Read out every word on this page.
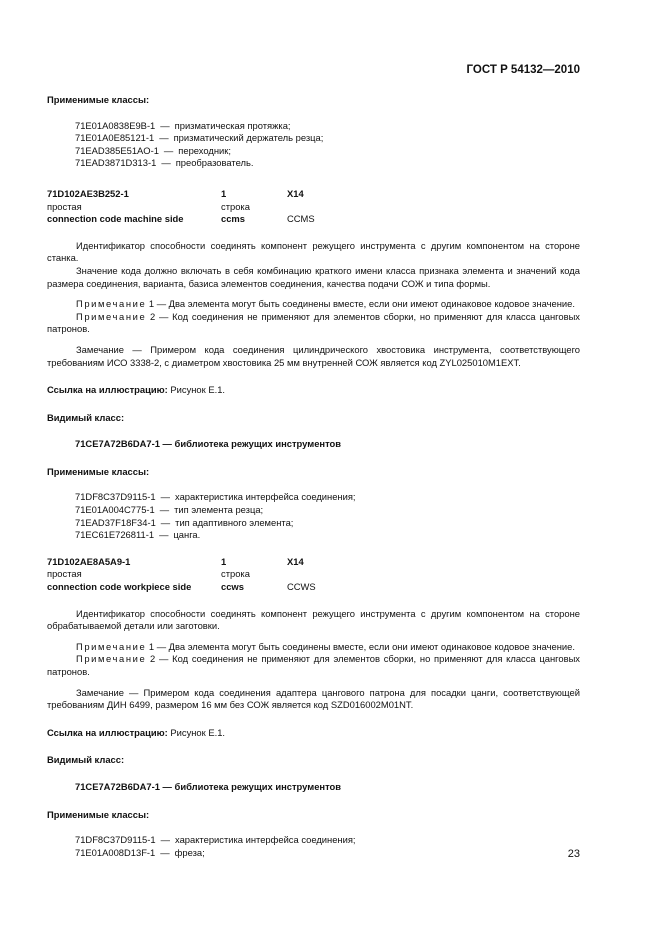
ГОСТ Р 54132—2010
Применимые классы:
71E01A0838E9B-1 — призматическая протяжка;
71E01A0E85121-1 — призматический держатель резца;
71EAD385E51AO-1 — переходник;
71EAD3871D313-1 — преобразователь.
71D102AE3B252-1	1	X14
простая	строка
connection code machine side	ccms	CCMS

Идентификатор способности соединять компонент режущего инструмента с другим компонентом на стороне станка.

Значение кода должно включать в себя комбинацию краткого имени класса признака элемента и значений кода размера соединения, варианта, базиса элементов соединения, качества подачи СОЖ и типа формы.

Примечание 1 — Два элемента могут быть соединены вместе, если они имеют одинаковое кодовое значение.

Примечание 2 — Код соединения не применяют для элементов сборки, но применяют для класса цанговых патронов.

Замечание — Примером кода соединения цилиндрического хвостовика инструмента, соответствующего требованиям ИСО 3338-2, с диаметром хвостовика 25 мм внутренней СОЖ является код ZYL025010M1EXT.

Ссылка на иллюстрацию: Рисунок Е.1.
Видимый класс:
71CE7A72B6DA7-1 — библиотека режущих инструментов
Применимые классы:
71DF8C37D9115-1 — характеристика интерфейса соединения;
71E01A004C775-1 — тип элемента резца;
71EAD37F18F34-1 — тип адаптивного элемента;
71EC61E726811-1 — цанга.
71D102AE8A5A9-1	1	X14
простая	строка
connection code workpiece side	ccws	CCWS

Идентификатор способности соединять компонент режущего инструмента с другим компонентом на стороне обрабатываемой детали или заготовки.

Примечание 1 — Два элемента могут быть соединены вместе, если они имеют одинаковое кодовое значение.

Примечание 2 — Код соединения не применяют для элементов сборки, но применяют для класса цанговых патронов.

Замечание — Примером кода соединения адаптера цангового патрона для посадки цанги, соответствующей требованиям ДИН 6499, размером 16 мм без СОЖ является код SZD016002M01NT.

Ссылка на иллюстрацию: Рисунок Е.1.
Видимый класс:
71CE7A72B6DA7-1 — библиотека режущих инструментов
Применимые классы:
71DF8C37D9115-1 — характеристика интерфейса соединения;
71E01A008D13F-1 — фреза;	23
